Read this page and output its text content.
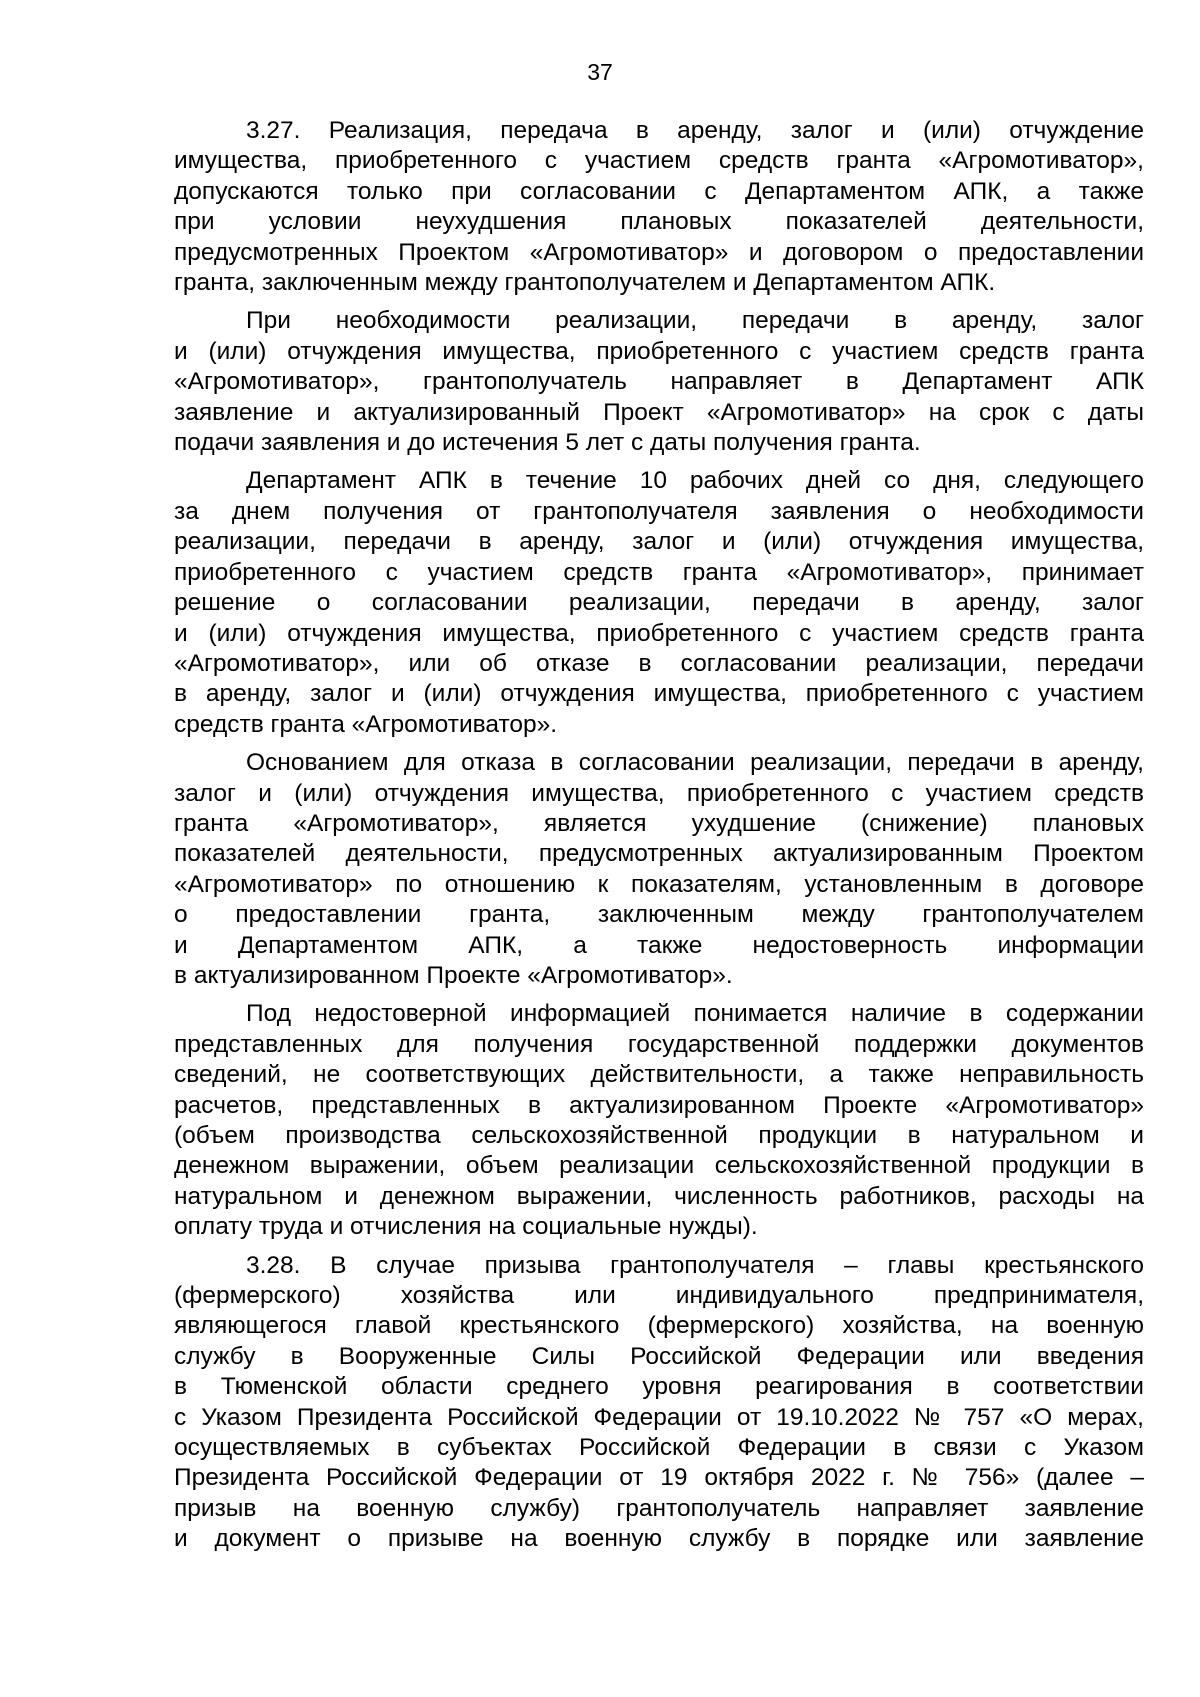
37
3.27. Реализация, передача в аренду, залог и (или) отчуждение
имущества, приобретенного с участием средств гранта «Агромотиватор»,
допускаются только при согласовании с Департаментом АПК, а также
при условии неухудшения плановых показателей деятельности,
предусмотренных Проектом «Агромотиватор» и договором о предоставлении
гранта, заключенным между грантополучателем и Департаментом АПК.
При необходимости реализации, передачи в аренду, залог
и (или) отчуждения имущества, приобретенного с участием средств гранта
«Агромотиватор», грантополучатель направляет в Департамент АПК
заявление и актуализированный Проект «Агромотиватор» на срок с даты
подачи заявления и до истечения 5 лет с даты получения гранта.
Департамент АПК в течение 10 рабочих дней со дня, следующего
за днем получения от грантополучателя заявления о необходимости
реализации, передачи в аренду, залог и (или) отчуждения имущества,
приобретенного с участием средств гранта «Агромотиватор», принимает
решение о согласовании реализации, передачи в аренду, залог
и (или) отчуждения имущества, приобретенного с участием средств гранта
«Агромотиватор», или об отказе в согласовании реализации, передачи
в аренду, залог и (или) отчуждения имущества, приобретенного с участием
средств гранта «Агромотиватор».
Основанием для отказа в согласовании реализации, передачи в аренду,
залог и (или) отчуждения имущества, приобретенного с участием средств
гранта «Агромотиватор», является ухудшение (снижение) плановых
показателей деятельности, предусмотренных актуализированным Проектом
«Агромотиватор» по отношению к показателям, установленным в договоре
о предоставлении гранта, заключенным между грантополучателем
и Департаментом АПК, а также недостоверность информации
в актуализированном Проекте «Агромотиватор».
Под недостоверной информацией понимается наличие в содержании
представленных для получения государственной поддержки документов
сведений, не соответствующих действительности, а также неправильность
расчетов, представленных в актуализированном Проекте «Агромотиватор»
(объем производства сельскохозяйственной продукции в натуральном и
денежном выражении, объем реализации сельскохозяйственной продукции в
натуральном и денежном выражении, численность работников, расходы на
оплату труда и отчисления на социальные нужды).
3.28. В случае призыва грантополучателя – главы крестьянского
(фермерского) хозяйства или индивидуального предпринимателя,
являющегося главой крестьянского (фермерского) хозяйства, на военную
службу в Вооруженные Силы Российской Федерации или введения
в Тюменской области среднего уровня реагирования в соответствии
с Указом Президента Российской Федерации от 19.10.2022 № 757 «О мерах,
осуществляемых в субъектах Российской Федерации в связи с Указом
Президента Российской Федерации от 19 октября 2022 г. № 756» (далее –
призыв на военную службу) грантополучатель направляет заявление
и документ о призыве на военную службу в порядке или заявление
